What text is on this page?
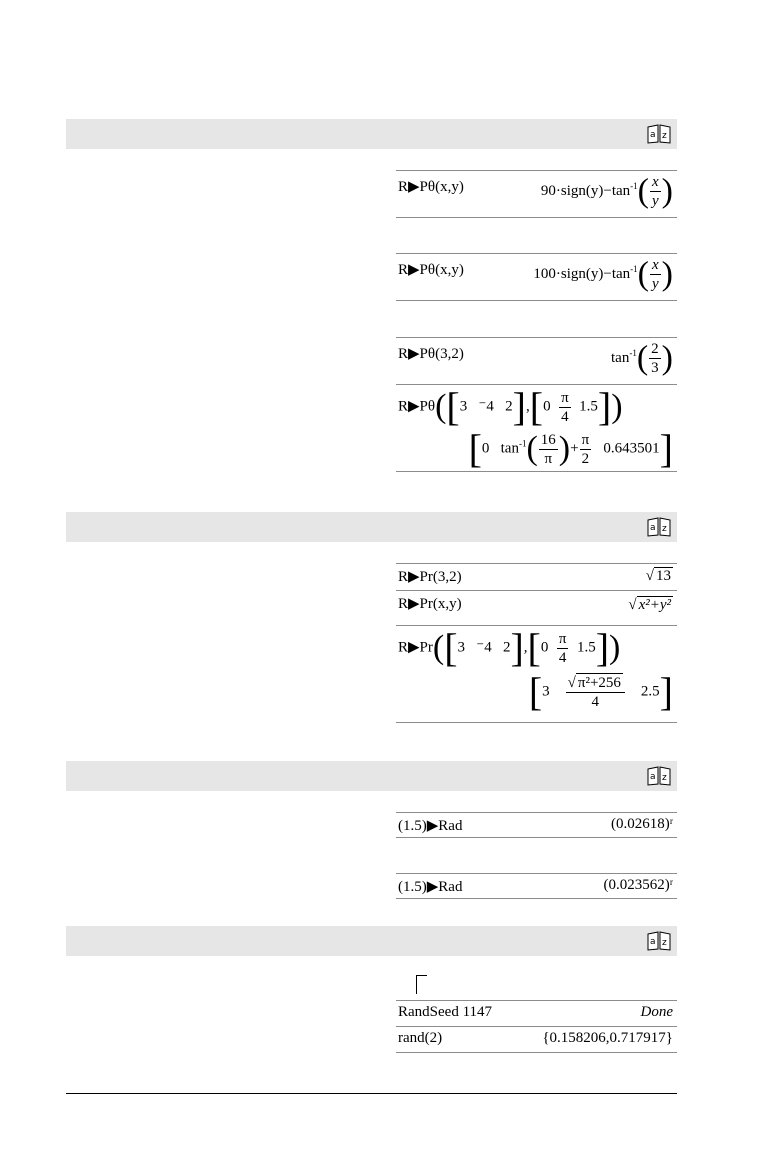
a z
a z
a z
a z
R▶Pθ(x,y)	$90\cdot sign(y)-\tan^{-1}( \frac{x}{y}$ )
R▶Pθ(x,y)	$100\cdot sign(y)-\tan^{-1}( \frac{x}{y}$ )
R▶Pθ(3,2)	$\tan^{-1}( \frac{2}{3}$ )
R▶Pθ([3   ⁻4   $2],[0 \frac{\pi}{4} 1.5]$)
[0 $\tan^{-1}( \frac{16}{\pi}$ )+ $\frac{\pi}{2} 0.643501$]
R▶Pr(3,2)	√ 13
R▶Pr(x,y)	√ x²+y²
R▶Pr([3   ⁻4   $2],[0 \frac{\pi}{4} 1.5]$)
$[3 \frac{\text{√ π²+256}}{4} 2.5]$
(1.5)▶Rad	(0.02618)ʳ
(1.5)▶Rad	(0.023562)ʳ
RandSeed 1147	Done
rand(2)	{0.158206,0.717917}
